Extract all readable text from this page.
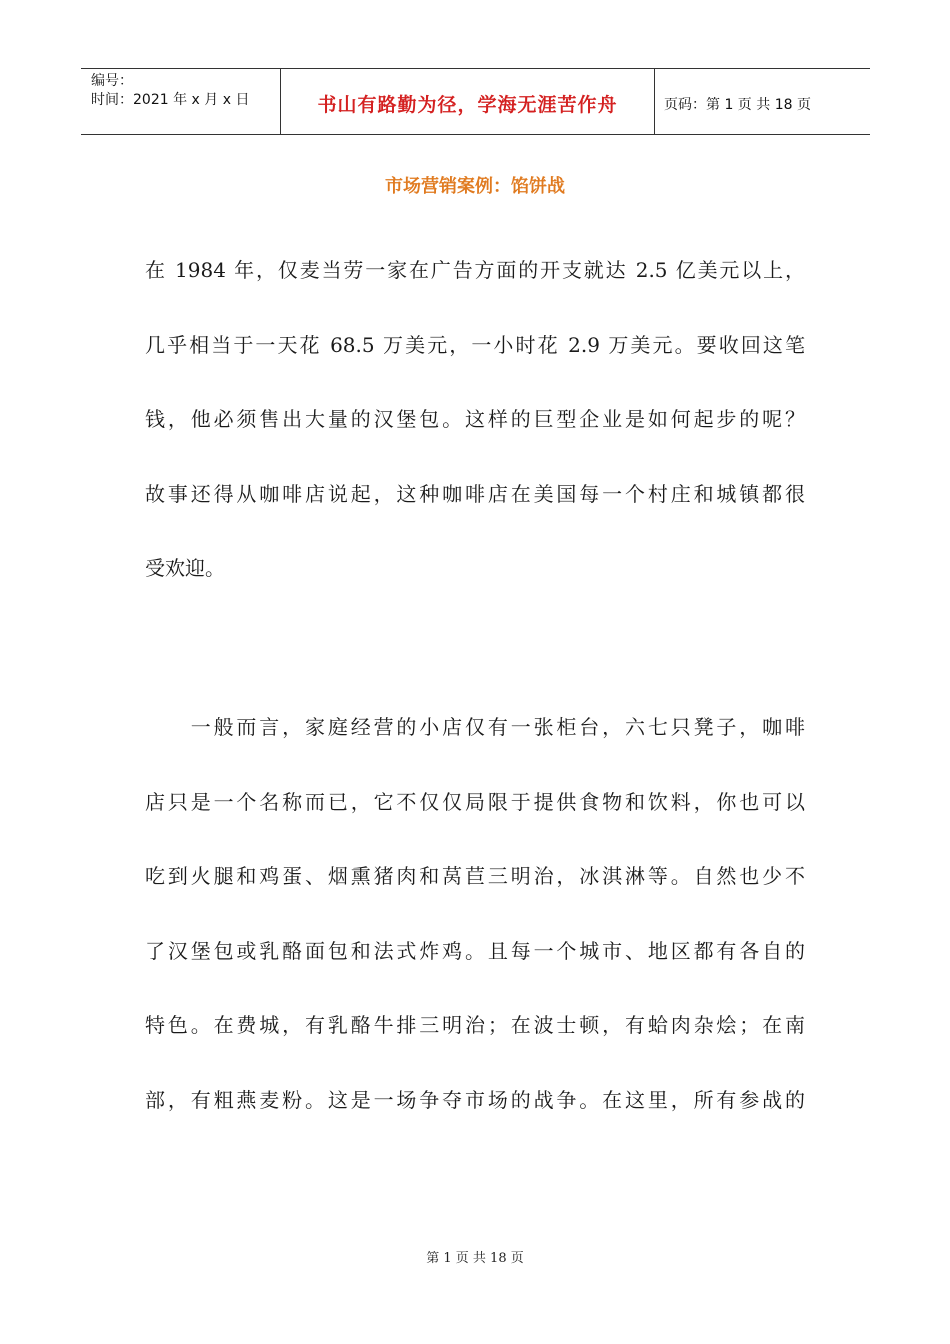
编号：
时间：2021 年 x 月 x 日	书山有路勤为径，学海无涯苦作舟	页码：第 1 页 共 18 页
市场营销案例：馅饼战
在 1984 年，仅麦当劳一家在广告方面的开支就达 2.5 亿美元以上，
几乎相当于一天花 68.5 万美元，一小时花 2.9 万美元。要收回这笔
钱，他必须售出大量的汉堡包。这样的巨型企业是如何起步的呢？
故事还得从咖啡店说起，这种咖啡店在美国每一个村庄和城镇都很
受欢迎。
　　一般而言，家庭经营的小店仅有一张柜台，六七只凳子，咖啡
店只是一个名称而已，它不仅仅局限于提供食物和饮料，你也可以
吃到火腿和鸡蛋、烟熏猪肉和莴苣三明治，冰淇淋等。自然也少不
了汉堡包或乳酪面包和法式炸鸡。且每一个城市、地区都有各自的
特色。在费城，有乳酪牛排三明治；在波士顿，有蛤肉杂烩；在南
部，有粗燕麦粉。这是一场争夺市场的战争。在这里，所有参战的
第 1 页 共 18 页
